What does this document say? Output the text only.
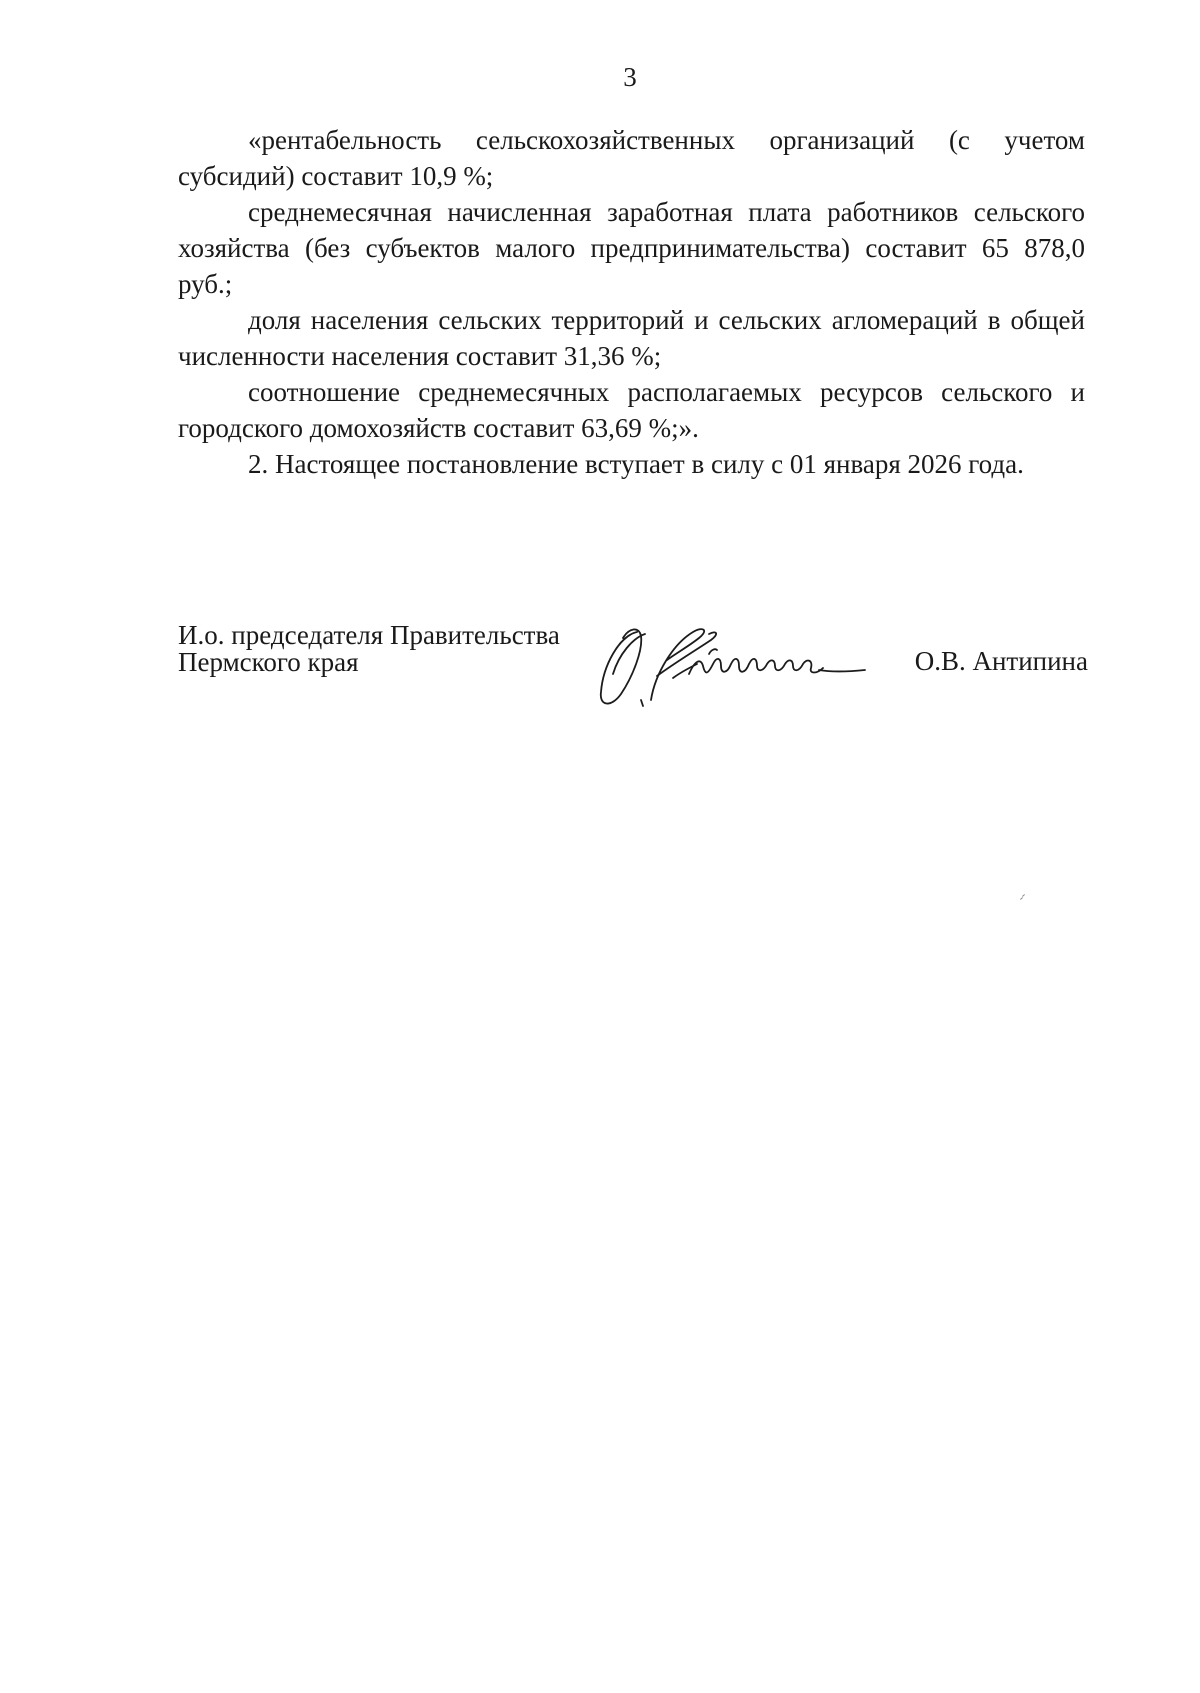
3

«рентабельность сельскохозяйственных организаций (с учетом субсидий) составит 10,9 %;

среднемесячная начисленная заработная плата работников сельского хозяйства (без субъектов малого предпринимательства) составит 65 878,0 руб.;

доля населения сельских территорий и сельских агломераций в общей численности населения составит 31,36 %;

соотношение среднемесячных располагаемых ресурсов сельского и городского домохозяйств составит 63,69 %;».

2. Настоящее постановление вступает в силу с 01 января 2026 года.

И.о. председателя Правительства
Пермского края	О.В. Антипина
